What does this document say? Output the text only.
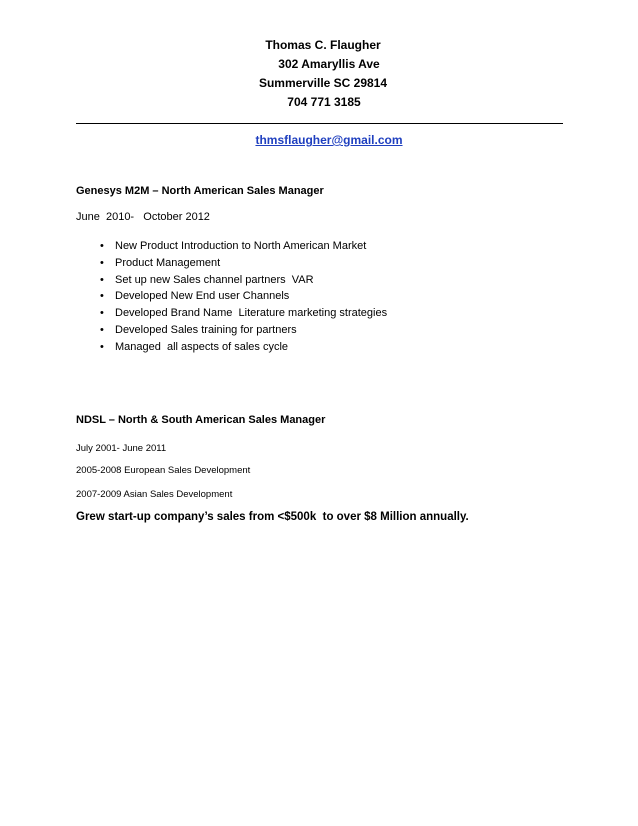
Thomas C. Flaugher
302 Amaryllis Ave
Summerville SC 29814
704 771 3185

thmsflaugher@gmail.com

Genesys M2M – North American Sales Manager
June  2010-   October 2012
• New Product Introduction to North American Market
• Product Management
• Set up new Sales channel partners  VAR
• Developed New End user Channels
• Developed Brand Name  Literature marketing strategies
• Developed Sales training for partners
• Managed  all aspects of sales cycle
NDSL – North & South American Sales Manager
July 2001- June 2011
2005-2008 European Sales Development
2007-2009 Asian Sales Development
Grew start-up company’s sales from <$500k  to over $8 Million annually.
